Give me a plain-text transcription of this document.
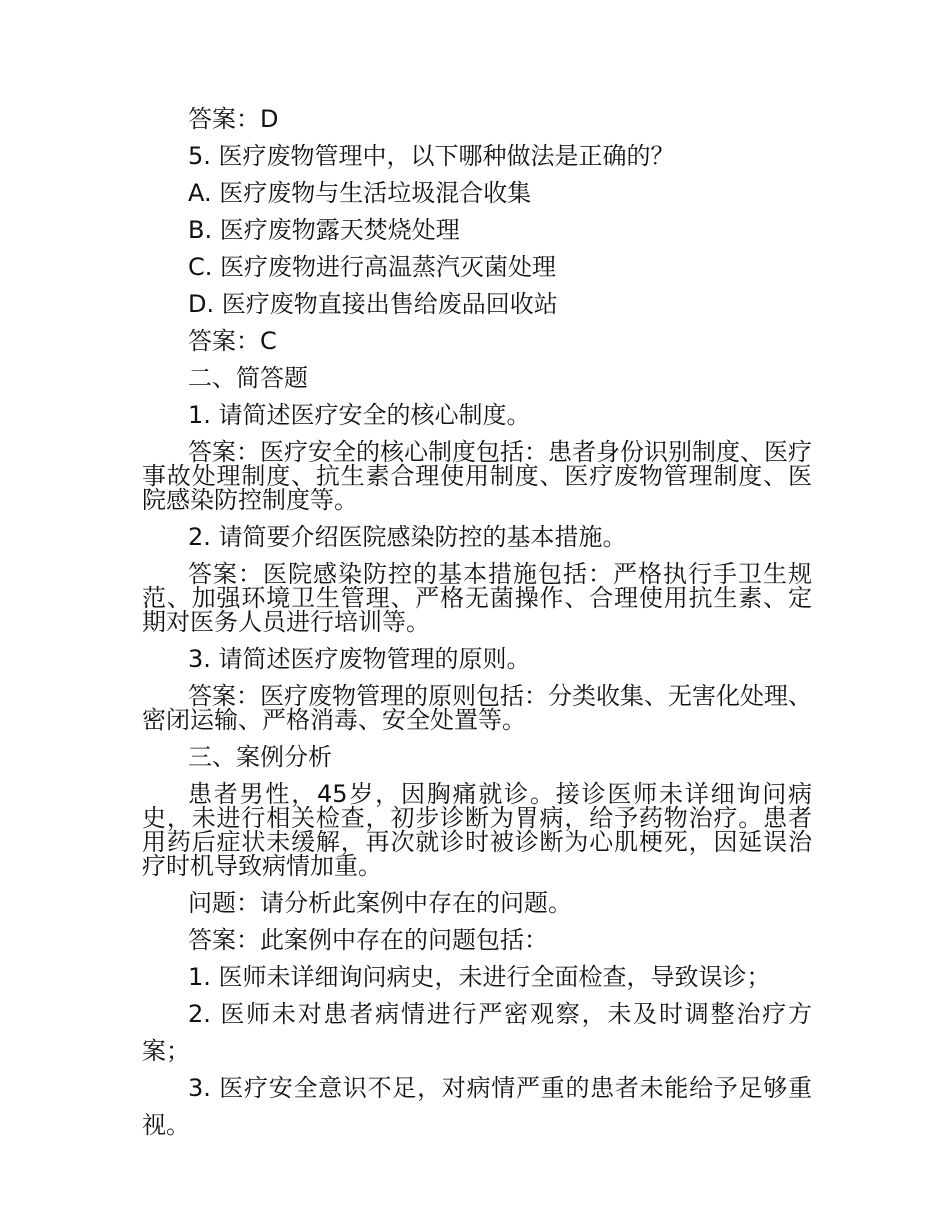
答案：D

5. 医疗废物管理中，以下哪种做法是正确的？

A. 医疗废物与生活垃圾混合收集

B. 医疗废物露天焚烧处理

C. 医疗废物进行高温蒸汽灭菌处理

D. 医疗废物直接出售给废品回收站

答案：C

二、简答题

1. 请简述医疗安全的核心制度。

答案：医疗安全的核心制度包括：患者身份识别制度、医疗事故处理制度、抗生素合理使用制度、医疗废物管理制度、医院感染防控制度等。

2. 请简要介绍医院感染防控的基本措施。

答案：医院感染防控的基本措施包括：严格执行手卫生规范、加强环境卫生管理、严格无菌操作、合理使用抗生素、定期对医务人员进行培训等。

3. 请简述医疗废物管理的原则。

答案：医疗废物管理的原则包括：分类收集、无害化处理、密闭运输、严格消毒、安全处置等。

三、案例分析

患者男性，45岁，因胸痛就诊。接诊医师未详细询问病史，未进行相关检查，初步诊断为胃病，给予药物治疗。患者用药后症状未缓解，再次就诊时被诊断为心肌梗死，因延误治疗时机导致病情加重。

问题：请分析此案例中存在的问题。

答案：此案例中存在的问题包括：

1. 医师未详细询问病史，未进行全面检查，导致误诊；

2. 医师未对患者病情进行严密观察，未及时调整治疗方案；

3. 医疗安全意识不足，对病情严重的患者未能给予足够重视。
